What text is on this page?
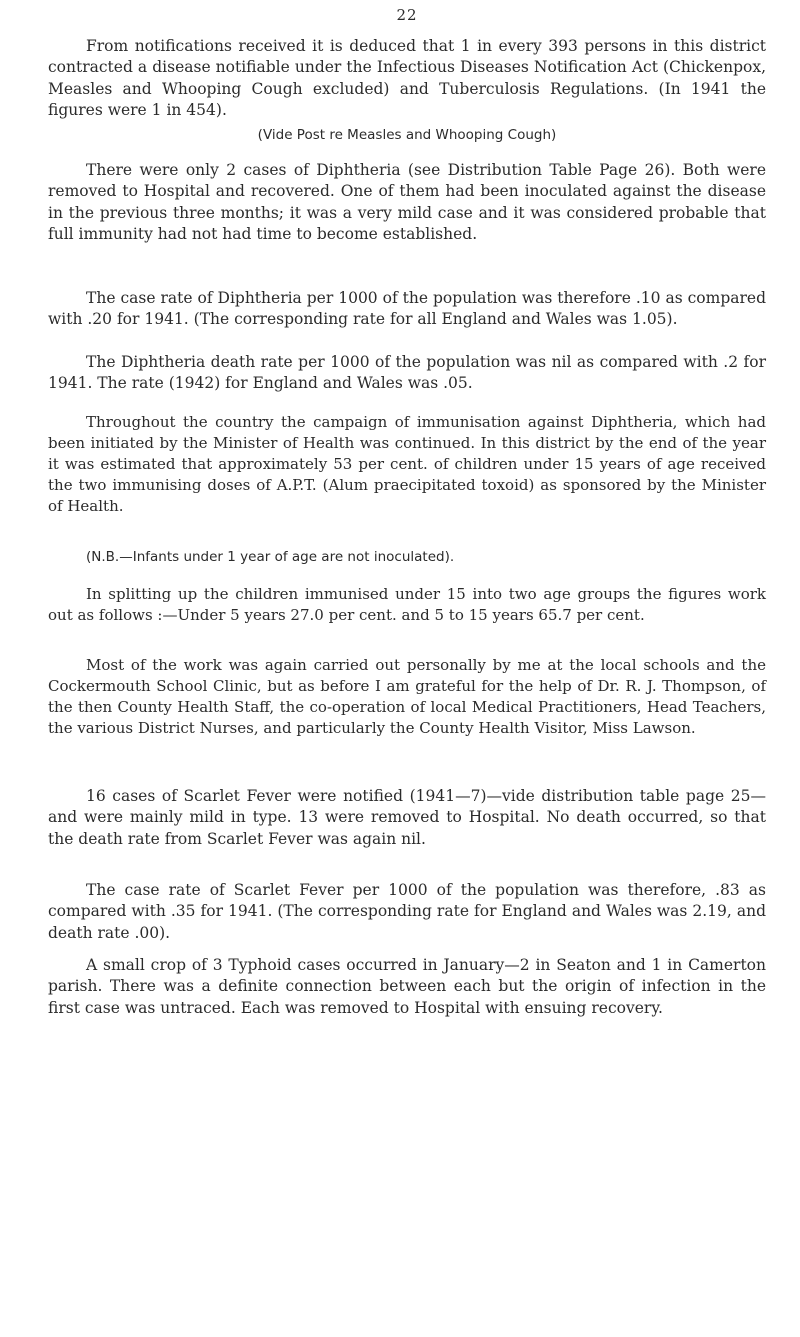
22

From notifications received it is deduced that 1 in every 393 persons in this district contracted a disease notifiable under the Infectious Diseases Notification Act (Chickenpox, Measles and Whooping Cough excluded) and Tuberculosis Regulations. (In 1941 the figures were 1 in 454).

(Vide Post re Measles and Whooping Cough)

There were only 2 cases of Diphtheria (see Distribution Table Page 26). Both were removed to Hospital and recovered. One of them had been inoculated against the disease in the previous three months; it was a very mild case and it was considered probable that full immunity had not had time to become established.

The case rate of Diphtheria per 1000 of the population was therefore .10 as compared with .20 for 1941. (The corresponding rate for all England and Wales was 1.05).

The Diphtheria death rate per 1000 of the population was nil as compared with .2 for 1941. The rate (1942) for England and Wales was .05.

Throughout the country the campaign of immunisation against Diphtheria, which had been initiated by the Minister of Health was continued. In this district by the end of the year it was estimated that approximately 53 per cent. of children under 15 years of age received the two immunising doses of A.P.T. (Alum praecipitated toxoid) as sponsored by the Minister of Health.

(N.B.—Infants under 1 year of age are not inoculated).

In splitting up the children immunised under 15 into two age groups the figures work out as follows :—Under 5 years 27.0 per cent. and 5 to 15 years 65.7 per cent.

Most of the work was again carried out personally by me at the local schools and the Cockermouth School Clinic, but as before I am grateful for the help of Dr. R. J. Thompson, of the then County Health Staff, the co-operation of local Medical Practitioners, Head Teachers, the various District Nurses, and particularly the County Health Visitor, Miss Lawson.

16 cases of Scarlet Fever were notified (1941—7)—vide distribution table page 25—and were mainly mild in type. 13 were removed to Hospital. No death occurred, so that the death rate from Scarlet Fever was again nil.

The case rate of Scarlet Fever per 1000 of the population was therefore, .83 as compared with .35 for 1941. (The corresponding rate for England and Wales was 2.19, and death rate .00).

A small crop of 3 Typhoid cases occurred in January—2 in Seaton and 1 in Camerton parish. There was a definite connection between each but the origin of infection in the first case was untraced. Each was removed to Hospital with ensuing recovery.
